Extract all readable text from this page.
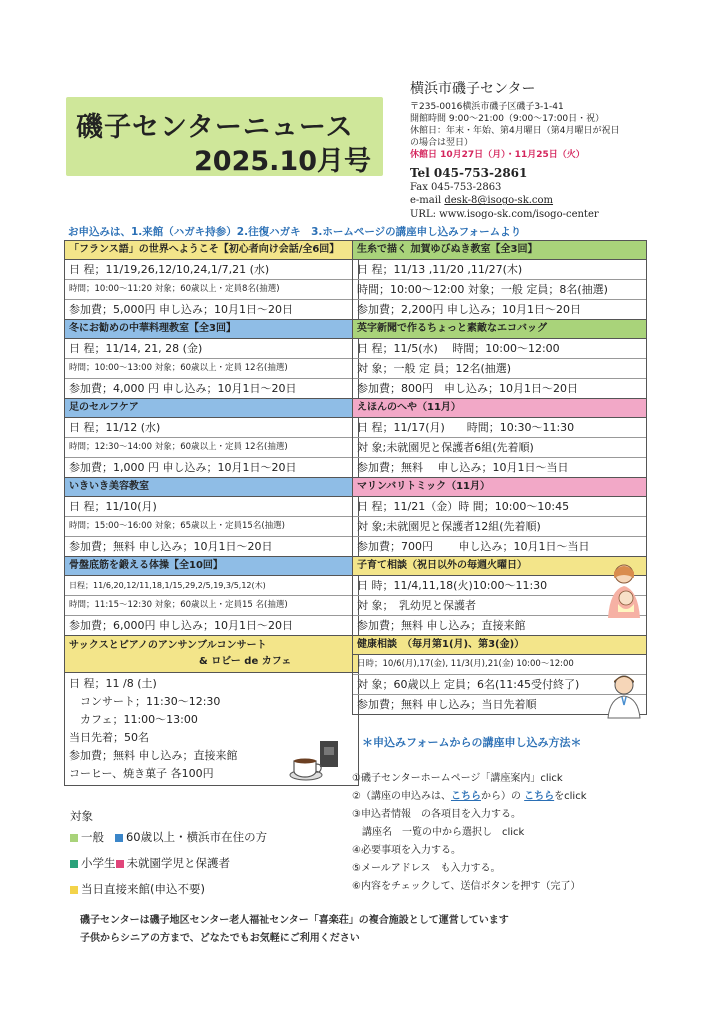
磯子センターニュース
2025.10月号
横浜市磯子センター
〒235-0016横浜市磯子区磯子3-1-41
開館時間 9:00～21:00（9:00～17:00日・祝）
休館日：年末・年始、第4月曜日（第4月曜日が祝日
の場合は翌日）
休館日 10月27日（月）・11月25日（火）
Tel 045-753-2861
Fax 045-753-2863
e-mail desk-8@isogo-sk.com
URL: www.isogo-sk.com/isogo-center
お申込みは、1.来館（ハガキ持参）2.往復ハガキ　3.ホームページの講座申し込みフォームより
「フランス語」の世界へようこそ【初心者向け会話/全6回】
日 程；11/19,26,12/10,24,1/7,21 (水)
時間；10:00～11:20 対象；60歳以上・定員8名(抽選)
参加費；5,000円 申し込み；10月1日～20日
冬にお勧めの中華料理教室【全3回】
日 程；11/14, 21, 28 (金)
時間；10:00～13:00 対象；60歳以上・定員 12名(抽選)
参加費；4,000 円 申し込み；10月1日～20日
足のセルフケア
日 程；11/12 (水)
時間；12:30～14:00 対象；60歳以上・定員 12名(抽選)
参加費；1,000 円 申し込み；10月1日～20日
いきいき美容教室
日 程；11/10(月)
時間；15:00～16:00 対象；65歳以上・定員15名(抽選)
参加費；無料 申し込み；10月1日～20日
骨盤底筋を鍛える体操【全10回】
日程；11/6,20,12/11,18,1/15,29,2/5,19,3/5,12(木)
時間；11:15～12:30 対象；60歳以上・定員15 名(抽選)
参加費；6,000円 申し込み；10月1日～20日
サックスとピアノのアンサンブルコンサート
& ロビー de カフェ
日 程；11 /8 (土)
　コンサート；11:30～12:30
　カフェ；11:00～13:00
当日先着；50名
参加費；無料 申し込み；直接来館
コーヒー、焼き菓子 各100円
生糸で描く 加賀ゆびぬき教室【全3回】
日 程；11/13 ,11/20 ,11/27(木)
時間；10:00～12:00 対象；一般 定員；8名(抽選)
参加費；2,200円 申し込み；10月1日～20日
英字新聞で作るちょっと素敵なエコバッグ
日 程；11/5(水)　 時間；10:00～12:00
対 象；一般 定 員；12名(抽選)
参加費；800円　申し込み；10月1日～20日
えほんのへや（11月）
日 程；11/17(月)　　時間；10:30～11:30
対 象;未就園児と保護者6組(先着順)
参加費；無料　 申し込み；10月1日～当日
マリンバリトミック（11月）
日 程；11/21（金）時 間；10:00～10:45
対 象;未就園児と保護者12組(先着順)
参加費；700円　　 申し込み；10月1日～当日
子育て相談（祝日以外の毎週火曜日）
日 時；11/4,11,18(火)10:00～11:30
対 象；　乳幼児と保護者
参加費；無料 申し込み；直接来館
健康相談　（毎月第1(月)、第3(金)）
日時；10/6(月),17(金), 11/3(月),21(金) 10:00～12:00
対 象；60歳以上 定員；6名(11:45受付終了)
参加費；無料 申し込み；当日先着順
＊申込みフォームからの講座申し込み方法＊
①磯子センターホームページ「講座案内」click
②（講座の申込みは、こちらから）の こちらをclick
③申込者情報　の各項目を入力する。
　講座名　一覧の中から選択し　click
④必要事項を入力する。
⑤メールアドレス　も入力する。
⑥内容をチェックして、送信ボタンを押す（完了）
対象
一般 60歳以上・横浜市在住の方
小学生 未就園学児と保護者
当日直接来館(申込不要)
磯子センターは磯子地区センター老人福祉センター「喜楽荘」の複合施設として運営しています
子供からシニアの方まで、どなたでもお気軽にご利用ください
